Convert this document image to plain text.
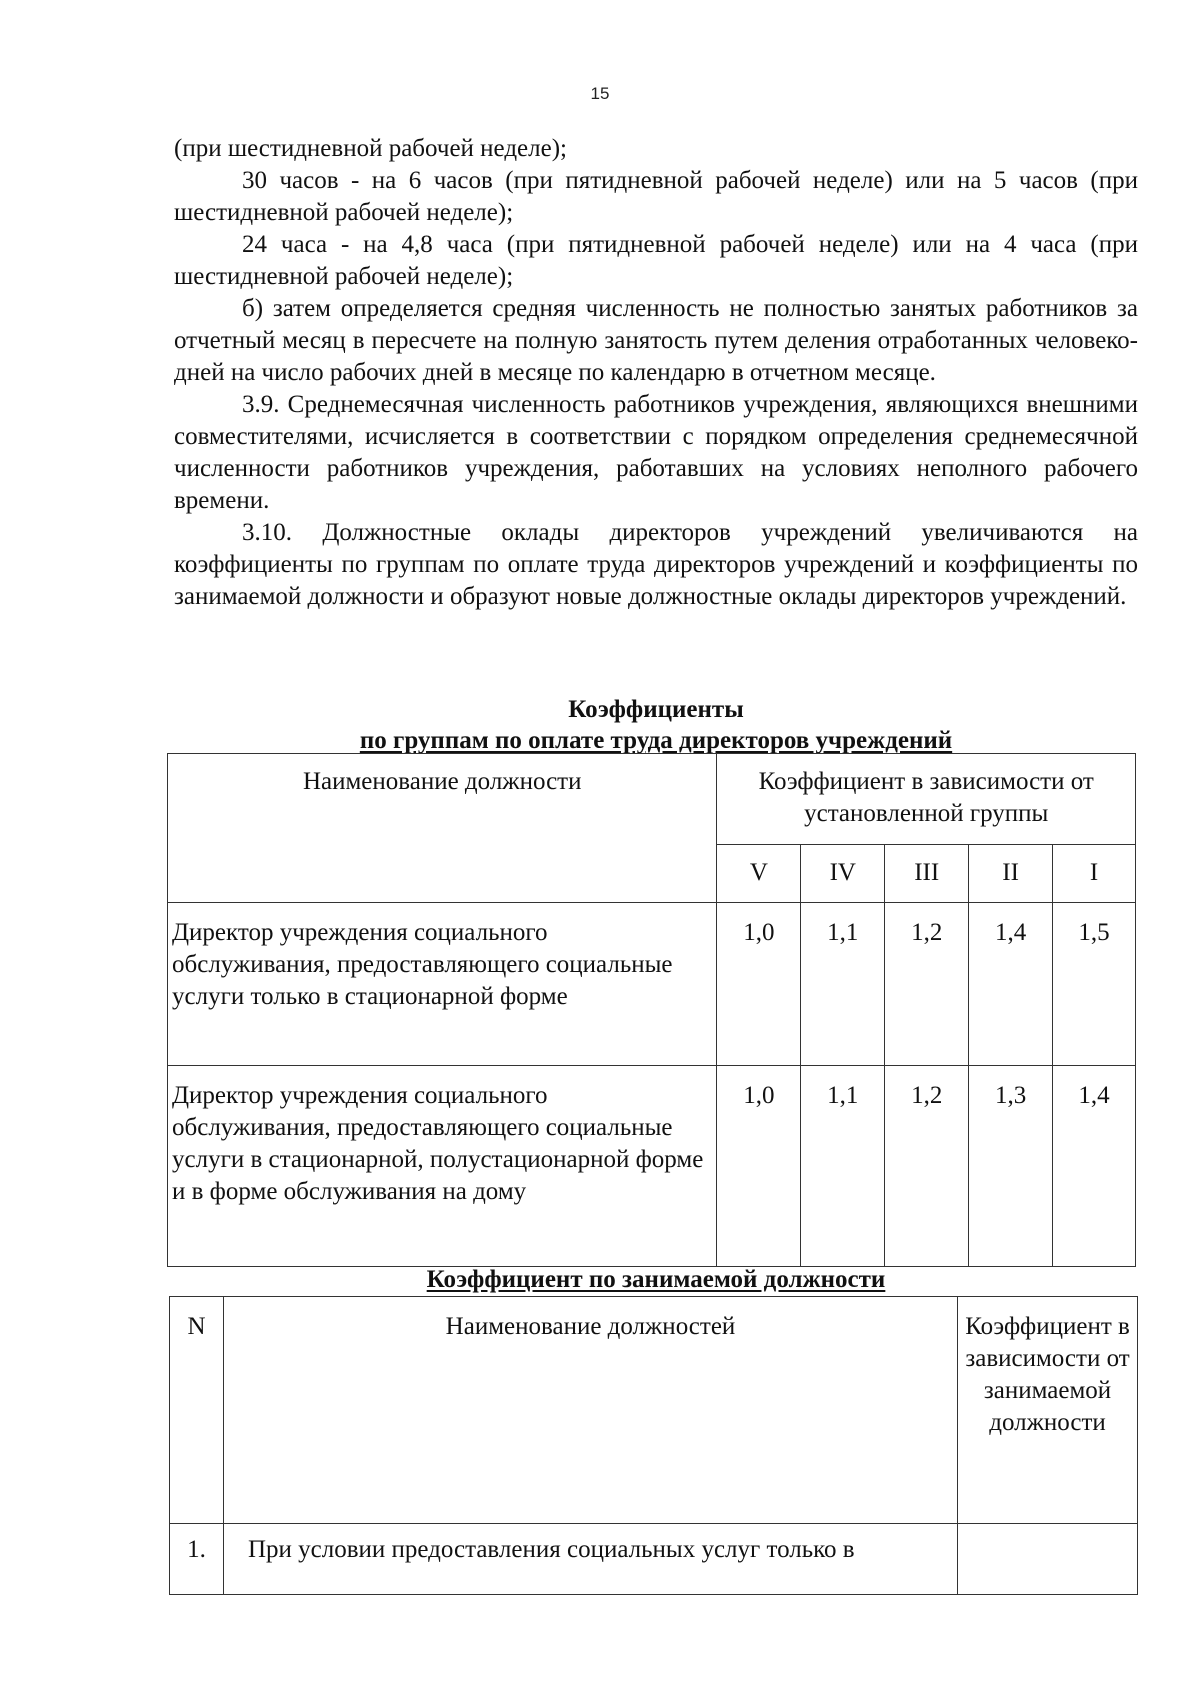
15

(при шестидневной рабочей неделе);

30 часов - на 6 часов (при пятидневной рабочей неделе) или на 5 часов (при шестидневной рабочей неделе);

24 часа - на 4,8 часа (при пятидневной рабочей неделе) или на 4 часа (при шестидневной рабочей неделе);

б) затем определяется средняя численность не полностью занятых работников за отчетный месяц в пересчете на полную занятость путем деления отработанных человеко-дней на число рабочих дней в месяце по календарю в отчетном месяце.

3.9. Среднемесячная численность работников учреждения, являющихся внешними совместителями, исчисляется в соответствии с порядком определения среднемесячной численности работников учреждения, работавших на условиях неполного рабочего времени.

3.10. Должностные оклады директоров учреждений увеличиваются на коэффициенты по группам по оплате труда директоров учреждений и коэффициенты по занимаемой должности и образуют новые должностные оклады директоров учреждений.

Коэффициенты
по группам по оплате труда директоров учреждений
Наименование должности	Коэффициент в зависимости от установленной группы				
	V	IV	III	II	I
Директор учреждения социального обслуживания, предоставляющего социальные услуги только в стационарной форме	1,0	1,1	1,2	1,4	1,5
Директор учреждения социального обслуживания, предоставляющего социальные услуги в стационарной, полустационарной форме и в форме обслуживания на дому	1,0	1,1	1,2	1,3	1,4
Коэффициент по занимаемой должности
N	Наименование должностей	Коэффициент в зависимости от занимаемой должности
1.	При условии предоставления социальных услуг только в	
